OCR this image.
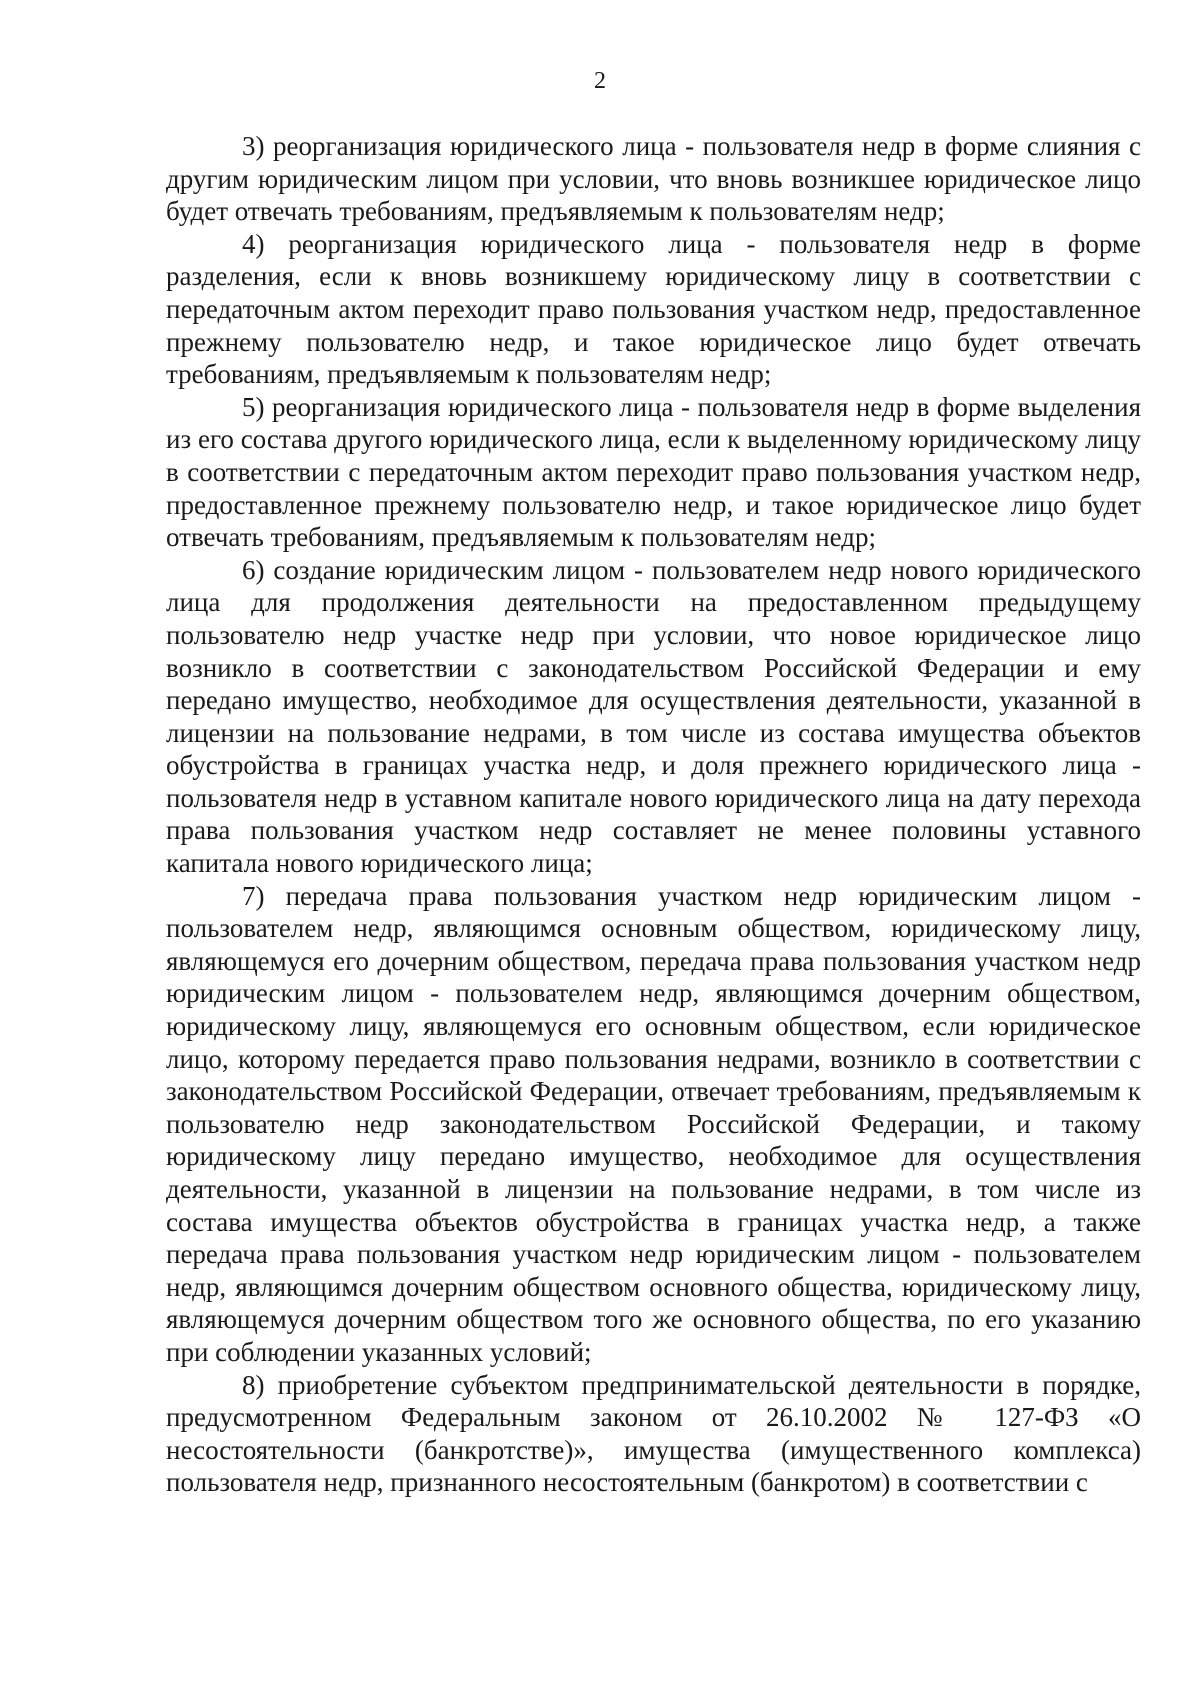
2

3) реорганизация юридического лица - пользователя недр в форме слияния с другим юридическим лицом при условии, что вновь возникшее юридическое лицо будет отвечать требованиям, предъявляемым к пользователям недр;

4) реорганизация юридического лица - пользователя недр в форме разделения, если к вновь возникшему юридическому лицу в соответствии с передаточным актом переходит право пользования участком недр, предоставленное прежнему пользователю недр, и такое юридическое лицо будет отвечать требованиям, предъявляемым к пользователям недр;

5) реорганизация юридического лица - пользователя недр в форме выделения из его состава другого юридического лица, если к выделенному юридическому лицу в соответствии с передаточным актом переходит право пользования участком недр, предоставленное прежнему пользователю недр, и такое юридическое лицо будет отвечать требованиям, предъявляемым к пользователям недр;

6) создание юридическим лицом - пользователем недр нового юридического лица для продолжения деятельности на предоставленном предыдущему пользователю недр участке недр при условии, что новое юридическое лицо возникло в соответствии с законодательством Российской Федерации и ему передано имущество, необходимое для осуществления деятельности, указанной в лицензии на пользование недрами, в том числе из состава имущества объектов обустройства в границах участка недр, и доля прежнего юридического лица - пользователя недр в уставном капитале нового юридического лица на дату перехода права пользования участком недр составляет не менее половины уставного капитала нового юридического лица;

7) передача права пользования участком недр юридическим лицом - пользователем недр, являющимся основным обществом, юридическому лицу, являющемуся его дочерним обществом, передача права пользования участком недр юридическим лицом - пользователем недр, являющимся дочерним обществом, юридическому лицу, являющемуся его основным обществом, если юридическое лицо, которому передается право пользования недрами, возникло в соответствии с законодательством Российской Федерации, отвечает требованиям, предъявляемым к пользователю недр законодательством Российской Федерации, и такому юридическому лицу передано имущество, необходимое для осуществления деятельности, указанной в лицензии на пользование недрами, в том числе из состава имущества объектов обустройства в границах участка недр, а также передача права пользования участком недр юридическим лицом - пользователем недр, являющимся дочерним обществом основного общества, юридическому лицу, являющемуся дочерним обществом того же основного общества, по его указанию при соблюдении указанных условий;

8) приобретение субъектом предпринимательской деятельности в порядке, предусмотренном Федеральным законом от 26.10.2002 № 127-ФЗ «О несостоятельности (банкротстве)», имущества (имущественного комплекса) пользователя недр, признанного несостоятельным (банкротом) в соответствии с
